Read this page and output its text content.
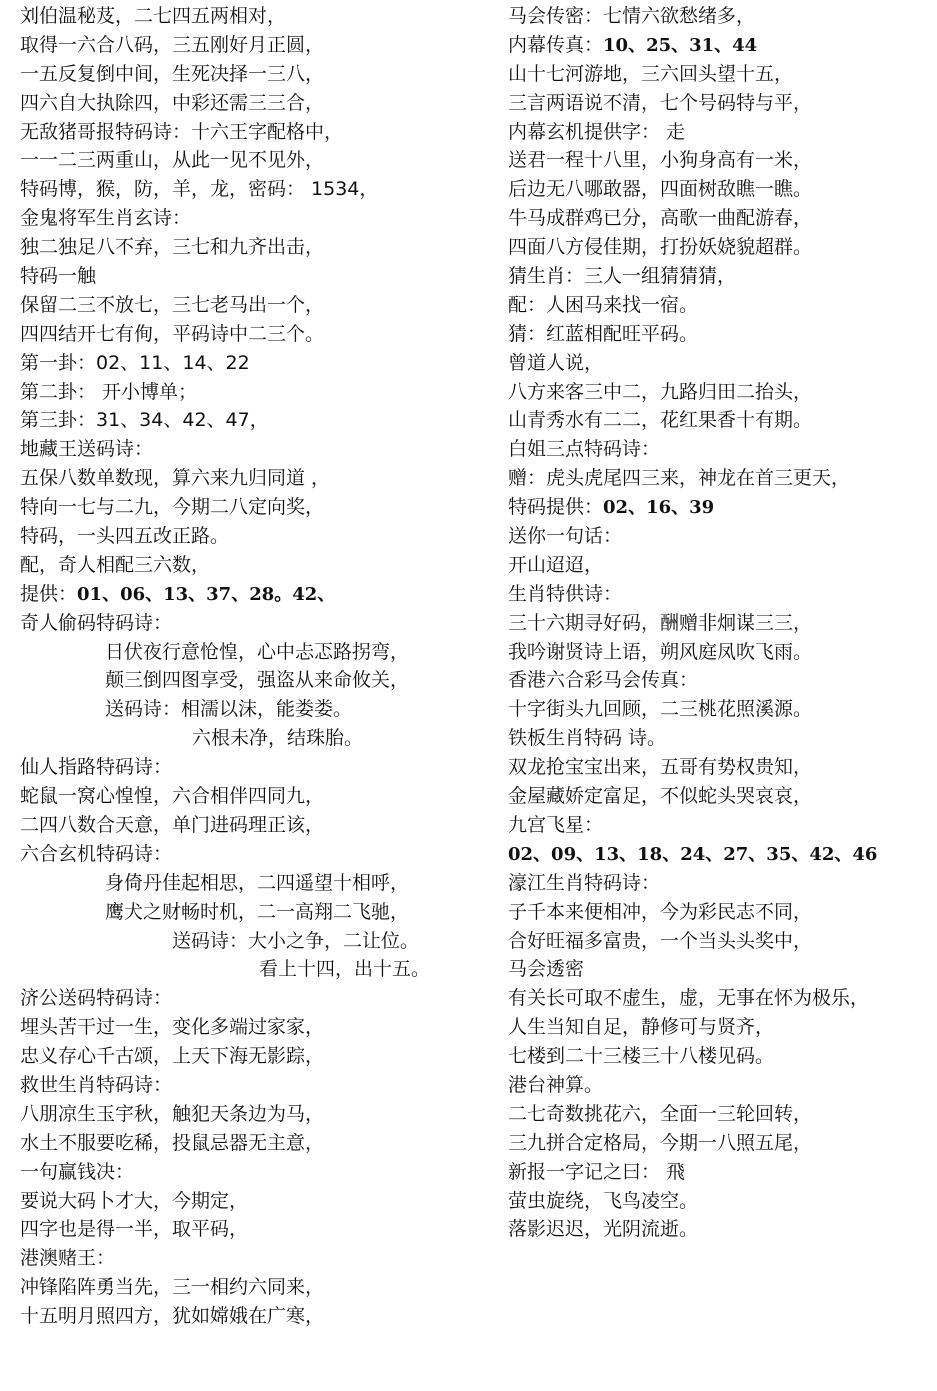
刘伯温秘芨，二七四五两相对，
取得一六合八码，三五刚好月正圆，
一五反复倒中间，生死决择一三八，
四六自大执除四，中彩还需三三合，
无敌猪哥报特码诗：十六王字配格中，
一一二三两重山，从此一见不见外，
特码博，猴，防，羊，龙，密码： 1534，
金鬼将军生肖玄诗：
独二独足八不弃，三七和九齐出击，
特码一触
保留二三不放七，三七老马出一个，
四四结开七有侚，平码诗中二三个。
第一卦：02、11、14、22
第二卦： 开小博单；
第三卦：31、34、42、47，
地藏王送码诗：
五保八数单数现，算六来九归同道 ，
特向一七与二九，今期二八定向奖，
特码，一头四五改正路。
配，奇人相配三六数，
提供：01、06、13、37、28。42、
奇人偷码特码诗：
日伏夜行意怆惶，心中忐忑路拐弯，
颠三倒四图享受，强盗从来命攸关，
送码诗：相濡以沫，能娄娄。
六根未净，结珠胎。
仙人指路特码诗：
蛇鼠一窝心惶惶，六合相伴四同九，
二四八数合天意，单门进码理正该，
六合玄机特码诗：
身倚丹佳起相思，二四遥望十相呼，
鹰犬之财畅时机，二一高翔二飞驰，
送码诗：大小之争，二让位。
看上十四，出十五。
济公送码特码诗：
埋头苦干过一生，变化多端过家家，
忠义存心千古颂，上天下海无影踪，
救世生肖特码诗：
八朋凉生玉宇秋，触犯天条边为马，
水土不服要吃稀，投鼠忌器无主意，
一句赢钱决：
要说大码卜才大，今期定，
四字也是得一半，取平码，
港澳赌王：
冲锋陷阵勇当先，三一相约六同来，
十五明月照四方，犹如嫦娥在广寒，
马会传密：七情六欲愁绪多，
内幕传真：10、25、31、44
山十七河游地，三六回头望十五，
三言两语说不清，七个号码特与平，
内幕玄机提供字： 走
送君一程十八里，小狗身高有一米，
后边无八哪敢器，四面树敌瞧一瞧。
牛马成群鸡已分，高歌一曲配游春，
四面八方侵佳期，打扮妖娆貌超群。
猜生肖：三人一组猜猜猜，
配：人困马来找一宿。
猜：红蓝相配旺平码。
曾道人说，
八方来客三中二，九路归田二抬头，
山青秀水有二二，花红果香十有期。
白姐三点特码诗：
赠：虎头虎尾四三来，神龙在首三更天，
特码提供：02、16、39
送你一句话：
开山迢迢，
生肖特供诗：
三十六期寻好码，酬赠非炯谋三三，
我吟谢贤诗上语，朔风庭凤吹飞雨。
香港六合彩马会传真：
十字街头九回顾，二三桃花照溪源。
铁板生肖特码 诗。
双龙抢宝宝出来，五哥有势权贵知，
金屋藏娇定富足，不似蛇头哭哀哀，
九宫飞星：
02、09、13、18、24、27、35、42、46
濠江生肖特码诗：
子千本来便相冲，今为彩民志不同，
合好旺福多富贵，一个当头头奖中，
马会透密
有关长可取不虚生，虚，无事在怀为极乐，
人生当知自足，静修可与贤齐，
七楼到二十三楼三十八楼见码。
港台神算。
二七奇数挑花六，全面一三轮回转，
三九拼合定格局，今期一八照五尾，
新报一字记之曰： 飛
萤虫旋绕，飞鸟凌空。
落影迟迟，光阴流逝。
